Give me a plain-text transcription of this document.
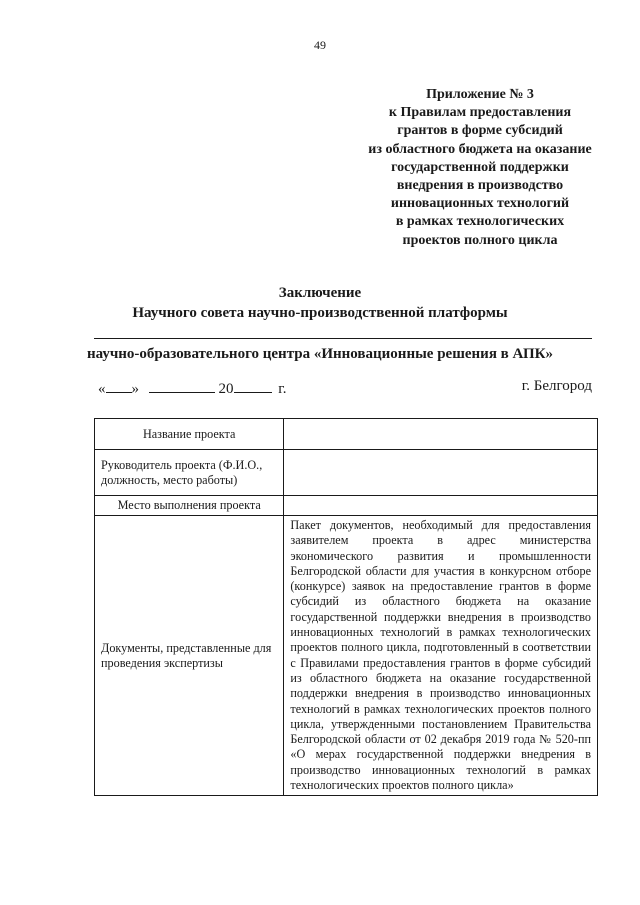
49
Приложение № 3
к Правилам предоставления
грантов в форме субсидий
из областного бюджета на оказание
государственной поддержки
внедрения в производство
инновационных технологий
в рамках технологических
проектов полного цикла
Заключение
Научного совета научно-производственной платформы
научно-образовательного центра «Инновационные решения в АПК»
« »	20	г.	г. Белгород
Название проекта	
Руководитель проекта (Ф.И.О., должность, место работы)	
Место выполнения проекта	
Документы, представленные для проведения экспертизы	Пакет документов, необходимый для предоставления заявителем проекта в адрес министерства экономического развития и промышленности Белгородской области для участия в конкурсном отборе (конкурсе) заявок на предоставление грантов в форме субсидий из областного бюджета на оказание государственной поддержки внедрения в производство инновационных технологий в рамках технологических проектов полного цикла, подготовленный в соответствии с Правилами предоставления грантов в форме субсидий из областного бюджета на оказание государственной поддержки внедрения в производство инновационных технологий в рамках технологических проектов полного цикла, утвержденными постановлением Правительства Белгородской области от 02 декабря 2019 года № 520-пп «О мерах государственной поддержки внедрения в производство инновационных технологий в рамках технологических проектов полного цикла»
